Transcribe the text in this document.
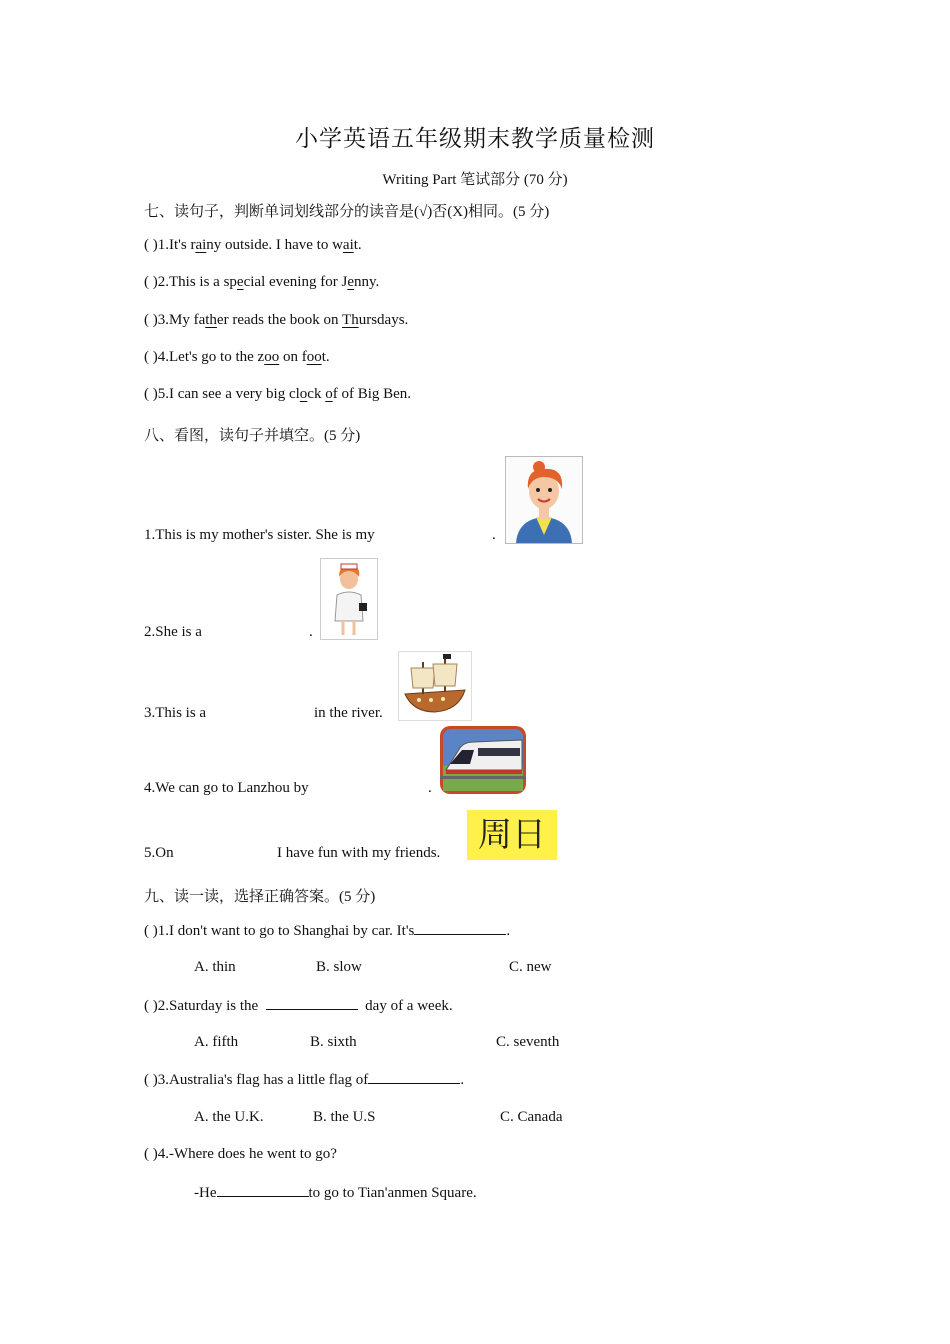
小学英语五年级期末教学质量检测
Writing Part 笔试部分 (70 分)
七、读句子，判断单词划线部分的读音是(√)否(X)相同。(5 分)
( )1.It's rainy outside. I have to wait.
( )2.This is a special evening for Jenny.
( )3.My father reads the book on Thursdays.
( )4.Let's go to the zoo on foot.
( )5.I can see a very big clock of of Big Ben.
八、看图，读句子并填空。(5 分)
1.This is my mother's sister. She is my	.
2.She is a	.
3.This is a	in the river.
4.We can go to Lanzhou by	.
5.On	I have fun with my friends. 周日
九、读一读，选择正确答案。(5 分)
( )1.I don't want to go to Shanghai by car. It's	.
A. thin	B. slow	C. new
( )2.Saturday is the	day of a week.
A. fifth	B. sixth	C. seventh
( )3.Australia's flag has a little flag of	.
A. the U.K.	B. the U.S	C. Canada
( )4.-Where does he went to go?
-He	to go to Tian'anmen Square.
